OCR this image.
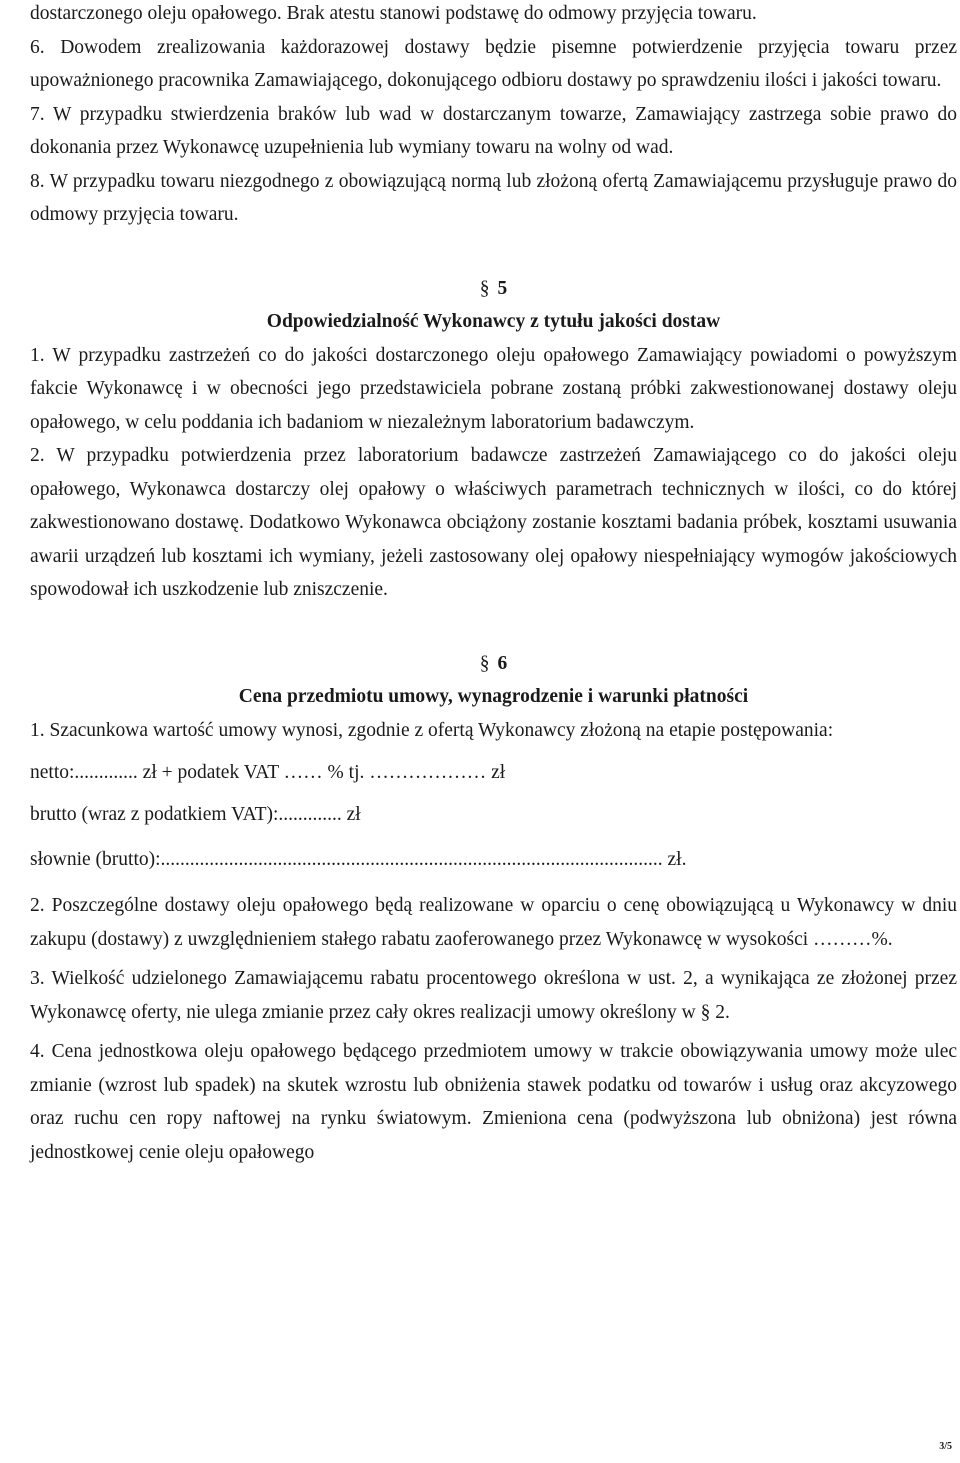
dostarczonego oleju opałowego. Brak atestu stanowi podstawę do odmowy przyjęcia towaru.

6. Dowodem zrealizowania każdorazowej dostawy będzie pisemne potwierdzenie przyjęcia towaru przez upoważnionego pracownika Zamawiającego, dokonującego odbioru dostawy po sprawdzeniu ilości i jakości towaru.

7. W przypadku stwierdzenia braków lub wad w dostarczanym towarze, Zamawiający zastrzega sobie prawo do dokonania przez Wykonawcę uzupełnienia lub wymiany towaru na wolny od wad.

8. W przypadku towaru niezgodnego z obowiązującą normą lub złożoną ofertą Zamawiającemu przysługuje prawo do odmowy przyjęcia towaru.

§ 5
Odpowiedzialność Wykonawcy z tytułu jakości dostaw

1. W przypadku zastrzeżeń co do jakości dostarczonego oleju opałowego Zamawiający powiadomi o powyższym fakcie Wykonawcę i w obecności jego przedstawiciela pobrane zostaną próbki zakwestionowanej dostawy oleju opałowego, w celu poddania ich badaniom w niezależnym laboratorium badawczym.

2. W przypadku potwierdzenia przez laboratorium badawcze zastrzeżeń Zamawiającego co do jakości oleju opałowego, Wykonawca dostarczy olej opałowy o właściwych parametrach technicznych w ilości, co do której zakwestionowano dostawę. Dodatkowo Wykonawca obciążony zostanie kosztami badania próbek, kosztami usuwania awarii urządzeń lub kosztami ich wymiany, jeżeli zastosowany olej opałowy niespełniający wymogów jakościowych spowodował ich uszkodzenie lub zniszczenie.

§ 6
Cena przedmiotu umowy, wynagrodzenie i warunki płatności

1. Szacunkowa wartość umowy wynosi, zgodnie z ofertą Wykonawcy złożoną na etapie postępowania:

netto:............. zł + podatek VAT …… % tj. ……………… zł

brutto (wraz z podatkiem VAT):............. zł

słownie (brutto):....................................................................................................... zł.

2. Poszczególne dostawy oleju opałowego będą realizowane w oparciu o cenę obowiązującą u Wykonawcy w dniu zakupu (dostawy) z uwzględnieniem stałego rabatu zaoferowanego przez Wykonawcę w wysokości ………%.

3. Wielkość udzielonego Zamawiającemu rabatu procentowego określona w ust. 2, a wynikająca ze złożonej przez Wykonawcę oferty, nie ulega zmianie przez cały okres realizacji umowy określony w § 2.

4. Cena jednostkowa oleju opałowego będącego przedmiotem umowy w trakcie obowiązywania umowy może ulec zmianie (wzrost lub spadek) na skutek wzrostu lub obniżenia stawek podatku od towarów i usług oraz akcyzowego oraz ruchu cen ropy naftowej na rynku światowym. Zmieniona cena (podwyższona lub obniżona) jest równa jednostkowej cenie oleju opałowego

3/5
